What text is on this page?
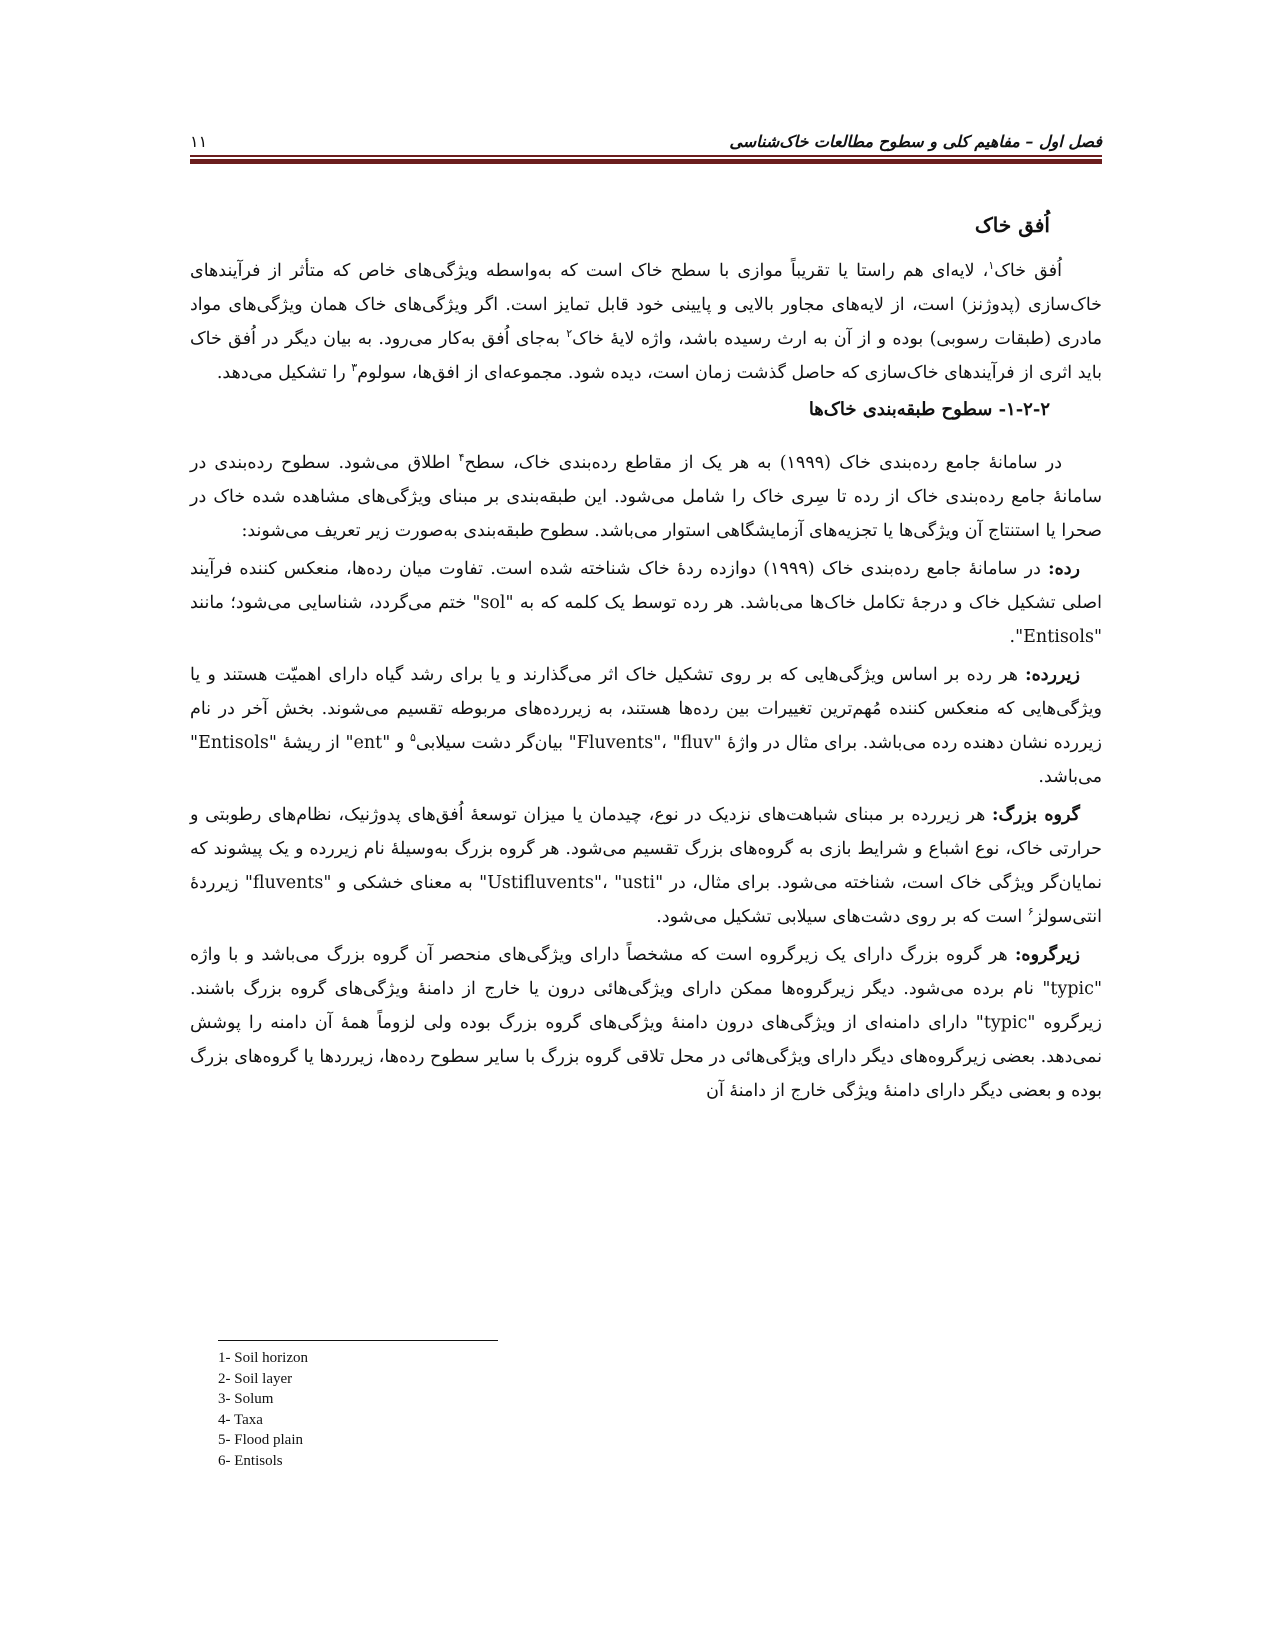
فصل اول – مفاهیم کلی و سطوح مطالعات خاک‌شناسی
۱۱
اُفق خاک

اُفق خاک$^۱$، لایه‌ای هم راستا یا تقریباً موازی با سطح خاک است که به‌واسطه ویژگی‌های خاص که متأثر از فرآیندهای خاک‌سازی (پدوژنز) است، از لایه‌های مجاور بالایی و پایینی خود قابل تمایز است. اگر ویژگی‌های خاک همان ویژگی‌های مواد مادری (طبقات رسوبی) بوده و از آن به ارث رسیده باشد، واژه لایۀ خاک$^۲$ به‌جای اُفق به‌کار می‌رود. به بیان دیگر در اُفق خاک باید اثری از فرآیندهای خاک‌سازی که حاصل گذشت زمان است، دیده شود. مجموعه‌ای از افق‌ها، سولوم$^۳$ را تشکیل می‌دهد.

۱-۲-۲- سطوح طبقه‌بندی خاک‌ها

در سامانۀ جامع رده‌بندی خاک (۱۹۹۹) به هر یک از مقاطع رده‌بندی خاک، سطح$^۴$ اطلاق می‌شود. سطوح رده‌بندی در سامانۀ جامع رده‌بندی خاک از رده تا سِری خاک را شامل می‌شود. این طبقه‌بندی بر مبنای ویژگی‌های مشاهده شده خاک در صحرا یا استنتاج آن ویژگی‌ها یا تجزیه‌های آزمایشگاهی استوار می‌باشد. سطوح طبقه‌بندی به‌صورت زیر تعریف می‌شوند:

رده: در سامانۀ جامع رده‌بندی خاک (۱۹۹۹) دوازده ردۀ خاک شناخته شده است. تفاوت میان رده‌ها، منعکس کننده فرآیند اصلی تشکیل خاک و درجۀ تکامل خاک‌ها می‌باشد. هر رده توسط یک کلمه که به "sol" ختم می‌گردد، شناسایی می‌شود؛ مانند "Entisols".

زیررده: هر رده بر اساس ویژگی‌هایی که بر روی تشکیل خاک اثر می‌گذارند و یا برای رشد گیاه دارای اهمیّت هستند و یا ویژگی‌هایی که منعکس کننده مُهم‌ترین تغییرات بین رده‌ها هستند، به زیررده‌های مربوطه تقسیم می‌شوند. بخش آخر در نام زیررده نشان دهنده رده می‌باشد. برای مثال در واژۀ "Fluvents"، "fluv" بیان‌گر دشت سیلابی$^۵$ و "ent" از ریشۀ "Entisols" می‌باشد.

گروه بزرگ: هر زیررده بر مبنای شباهت‌های نزدیک در نوع، چیدمان یا میزان توسعۀ اُفق‌های پدوژنیک، نظام‌های رطوبتی و حرارتی خاک، نوع اشباع و شرایط بازی به گروه‌های بزرگ تقسیم می‌شود. هر گروه بزرگ به‌وسیلۀ نام زیررده و یک پیشوند که نمایان‌گر ویژگی خاک است، شناخته می‌شود. برای مثال، در "Ustifluvents"، "usti" به معنای خشکی و "fluvents" زیرردۀ انتی‌سولز$^۶$ است که بر روی دشت‌های سیلابی تشکیل می‌شود.

زیرگروه: هر گروه بزرگ دارای یک زیرگروه است که مشخصاً دارای ویژگی‌های منحصر آن گروه بزرگ می‌باشد و با واژه "typic" نام برده می‌شود. دیگر زیرگروه‌ها ممکن دارای ویژگی‌هائی درون یا خارج از دامنۀ ویژگی‌های گروه بزرگ باشند. زیرگروه "typic" دارای دامنه‌ای از ویژگی‌های درون دامنۀ ویژگی‌های گروه بزرگ بوده ولی لزوماً همۀ آن دامنه را پوشش نمی‌دهد. بعضی زیرگروه‌های دیگر دارای ویژگی‌هائی در محل تلاقی گروه بزرگ با سایر سطوح رده‌ها، زیرردها یا گروه‌های بزرگ بوده و بعضی دیگر دارای دامنۀ ویژگی خارج از دامنۀ آن

1- Soil horizon
2- Soil layer
3- Solum
4- Taxa
5- Flood plain
6- Entisols
